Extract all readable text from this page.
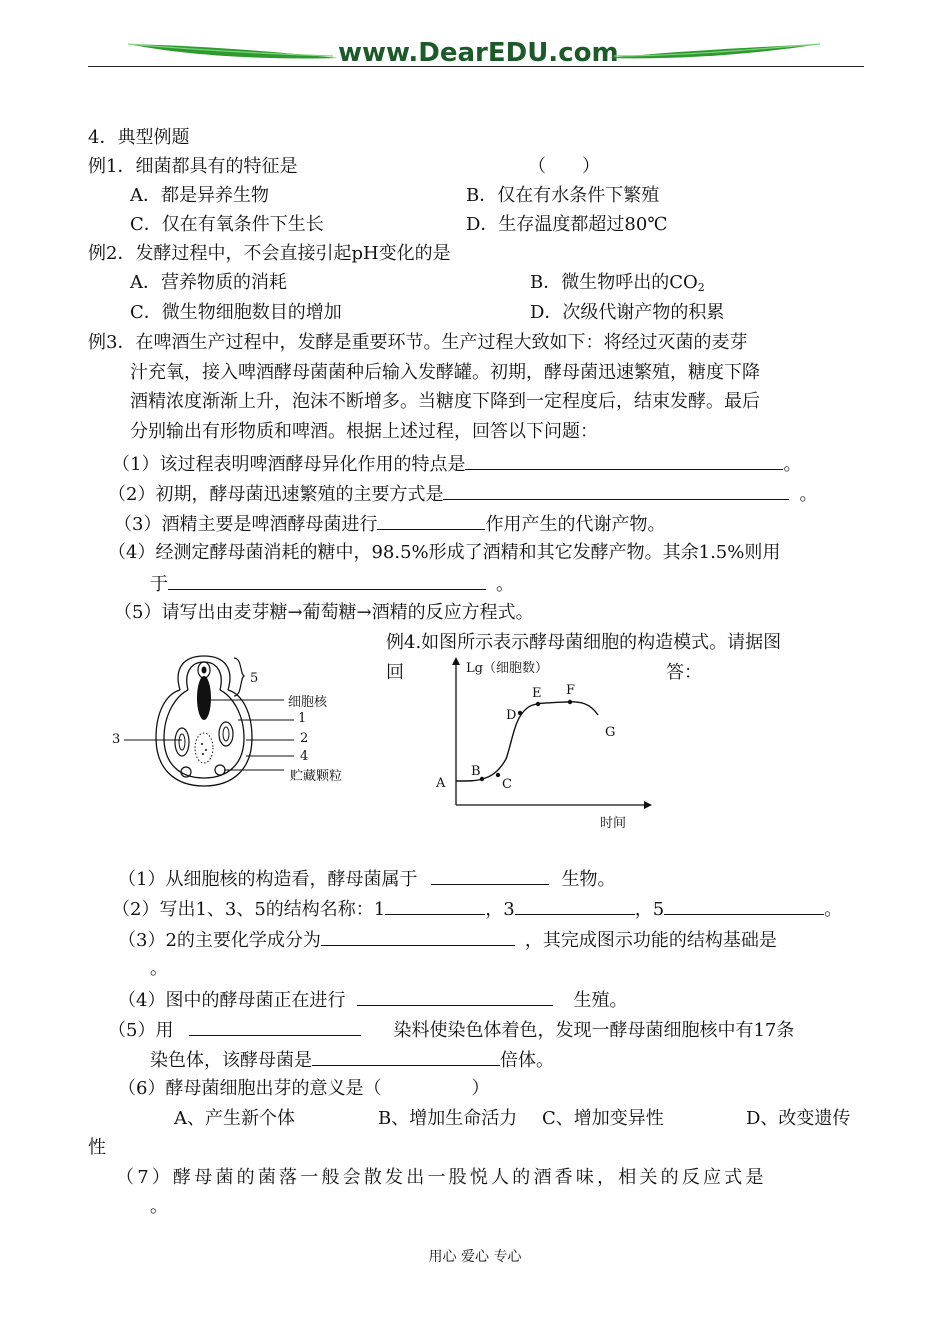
www.DearEDU.com
4．典型例题
例1．细菌都具有的特征是	（　　）
A．都是异养生物	B．仅在有水条件下繁殖
C．仅在有氧条件下生长	D．生存温度都超过80℃
例2．发酵过程中，不会直接引起pH变化的是
A．营养物质的消耗	B．微生物呼出的$CO_2$
C．微生物细胞数目的增加	D．次级代谢产物的积累
例3．在啤酒生产过程中，发酵是重要环节。生产过程大致如下：将经过灭菌的麦芽
汁充氧，接入啤酒酵母菌菌种后输入发酵罐。初期，酵母菌迅速繁殖，糖度下降
酒精浓度渐渐上升，泡沫不断增多。当糖度下降到一定程度后，结束发酵。最后
分别输出有形物质和啤酒。根据上述过程，回答以下问题：
（1）该过程表明啤酒酵母异化作用的特点是	。
（2）初期，酵母菌迅速繁殖的主要方式是	。
（3）酒精主要是啤酒酵母菌进行	作用产生的代谢产物。
（4）经测定酵母菌消耗的糖中，98.5%形成了酒精和其它发酵产物。其余1.5%则用
于	。
（5）请写出由麦芽糖→葡萄糖→酒精的反应方程式。
例4.如图所示表示酵母菌细胞的构造模式。请据图
回	答：
5
细胞核
1
3	2
4
贮藏颗粒
Lg（细胞数）
时间
A
B
C
D
E F
G
（1）从细胞核的构造看，酵母菌属于	生物。
（2）写出1、3、5的结构名称：1	，3	，5	。
（3）2的主要化学成分为	，其完成图示功能的结构基础是
。
（4）图中的酵母菌正在进行	生殖。
（5）用	染料使染色体着色，发现一酵母菌细胞核中有17条
染色体，该酵母菌是	倍体。
（6）酵母菌细胞出芽的意义是（　　　　　）
A、产生新个体	B、增加生命活力 C、增加变异性	D、改变遗传
性
（7）酵母菌的菌落一般会散发出一股悦人的酒香味，相关的反应式是
。
用心 爱心 专心
